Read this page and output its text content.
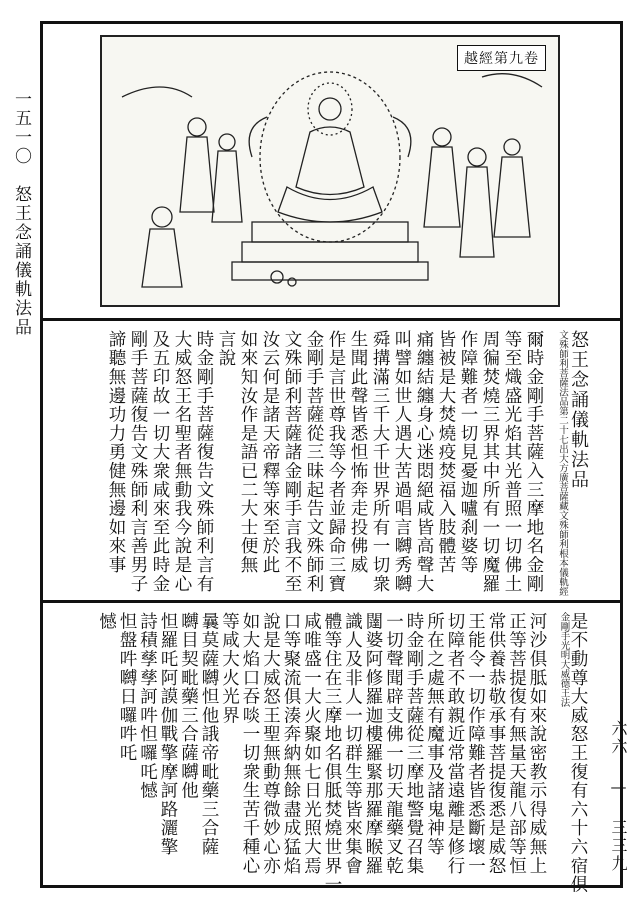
一五一〇　怒王念誦儀軌法品
六六 — 三三九
越經第九卷
怒王念誦儀軌法品
文殊師利菩薩法品第二十七出大方廣菩薩藏文殊師利根本儀軌經
爾時金剛手菩薩入三摩地名金剛
等至熾盛光焰其光普照一切佛土
周徧焚燒三界其中所有一切魔羅
作障難者一切見憂迦嚧刹婆等
皆被是大焚燒疫焚福入肢體苦
痛纏結纏身心迷悶絕咸皆高聲大
叫譬如世人遇大苦過唱言嚩秀嚩
舜搆滿三千大千世界所有一切衆
生聞此聲皆悉怛怖奔走投佛威
作是言世尊我等今者並歸命三寶
金剛手菩薩從三昧起告文殊師利
文殊師利菩薩諸金剛手言我不至
汝云何是諸天帝釋等來至於此
如來知汝作是語已二大士便無
言說
時金剛手菩薩復告文殊師利言有
大威怒王名聖者無動我今說是心
及五印故一切大衆咸來至此時金
剛手菩薩復告文殊師利言善男子
諦聽無邊功力勇健無邊如來事
是不動尊大威怒王復有六十六宿俱
金剛手光明大威德王法
河沙俱胝如來說密教示得威無上
正等菩提復有無量天龍八部等恒
常供養恭敬承事菩提復悉是威怒
王能令一切作障難者皆悉斷壞一
切障者不敢親近常當遠離是修行
所在之處無有魔事及諸鬼神等
時金剛手菩薩從三摩地警覺召集
一切聲聞辟支佛一切天龍藥叉乾
闥婆阿修羅迦樓羅緊那羅摩睺羅
識人及非人一切群生等皆來集會
體等住在三摩地名俱胝焚燒世界一
咸唯盛一大火聚如七日光照大焉
口等聚流俱湊奔納無餘盡成猛焰
說是大威怒王聖無動尊微妙心亦
如大焰口吞啖一切衆生苦千種心
等咸大火光界
曩莫薩嚩怛他誐帝毗藥三合薩
嚩目契毗藥三合薩嚩他
怛羅吒阿謨伽戰擎摩訶路灑擎
詩積孳孳訶吽怛囉吒憾
怛盤吽嚩日囉吽吒
憾
